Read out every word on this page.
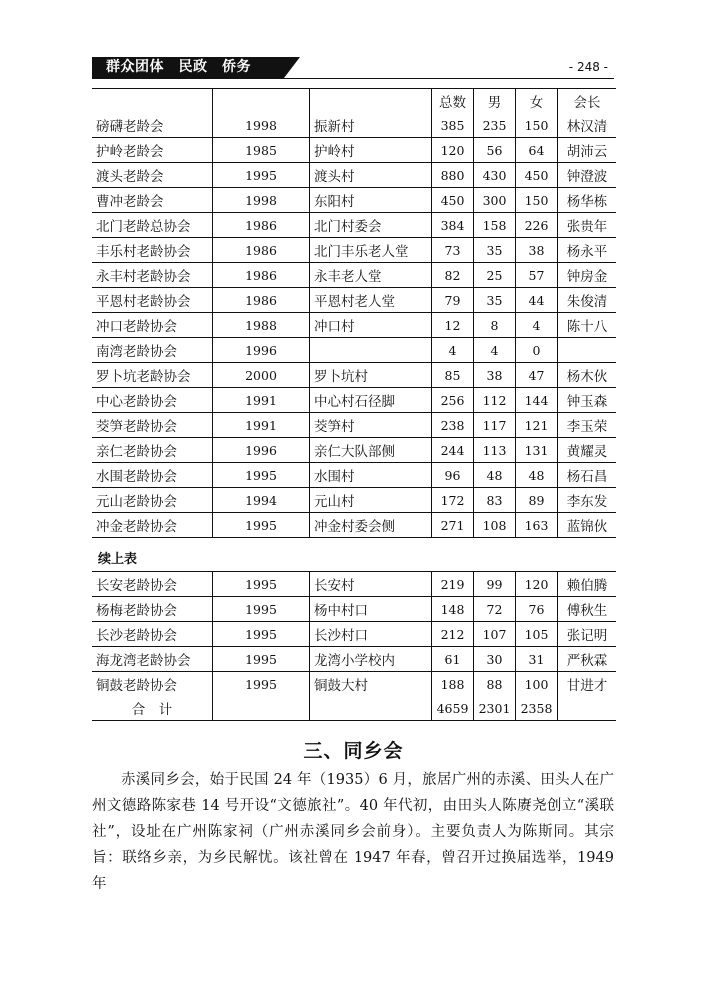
群众团体　民政　侨务	- 248 -
			总数	男	女	会长
磅礴老龄会	1998	振新村	385	235	150	林汉清
护岭老龄会	1985	护岭村	120	56	64	胡沛云
渡头老龄会	1995	渡头村	880	430	450	钟澄波
曹冲老龄会	1998	东阳村	450	300	150	杨华栋
北门老龄总协会	1986	北门村委会	384	158	226	张贵年
丰乐村老龄协会	1986	北门丰乐老人堂	73	35	38	杨永平
永丰村老龄协会	1986	永丰老人堂	82	25	57	钟房金
平恩村老龄协会	1986	平恩村老人堂	79	35	44	朱俊清
冲口老龄协会	1988	冲口村	12	8	4	陈十八
南湾老龄协会	1996		4	4	0	
罗卜坑老龄协会	2000	罗卜坑村	85	38	47	杨木伙
中心老龄协会	1991	中心村石径脚	256	112	144	钟玉森
茭笋老龄协会	1991	茭笋村	238	117	121	李玉荣
亲仁老龄协会	1996	亲仁大队部侧	244	113	131	黄耀灵
水围老龄协会	1995	水围村	96	48	48	杨石昌
元山老龄协会	1994	元山村	172	83	89	李东发
冲金老龄协会	1995	冲金村委会侧	271	108	163	蓝锦伙
续上表
长安老龄协会	1995	长安村	219	99	120	赖伯腾
杨梅老龄协会	1995	杨中村口	148	72	76	傅秋生
长沙老龄协会	1995	长沙村口	212	107	105	张记明
海龙湾老龄协会	1995	龙湾小学校内	61	30	31	严秋霖
铜鼓老龄协会	1995	铜鼓大村	188	88	100	甘进才
合　计			4659	2301	2358	
三、同乡会

赤溪同乡会，始于民国 24 年（1935）6 月，旅居广州的赤溪、田头人在广州文德路陈家巷 14 号开设“文德旅社”。40 年代初，由田头人陈赓尧创立“溪联社”，设址在广州陈家祠（广州赤溪同乡会前身）。主要负责人为陈斯同。其宗旨：联络乡亲，为乡民解忧。该社曾在 1947 年春，曾召开过换届选举，1949 年
